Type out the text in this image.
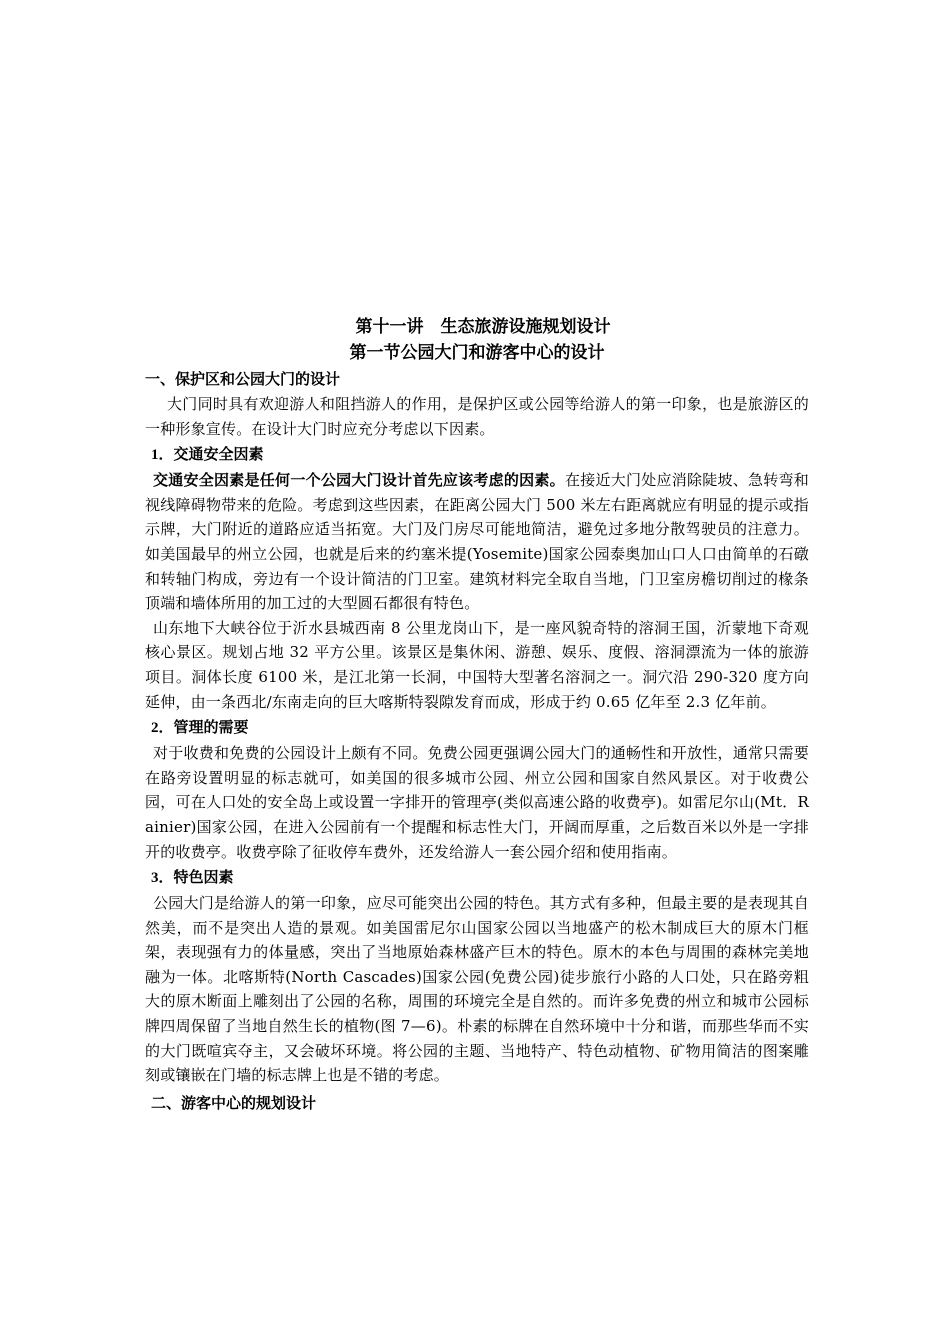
第十一讲　生态旅游设施规划设计
第一节公园大门和游客中心的设计
一、保护区和公园大门的设计

大门同时具有欢迎游人和阻挡游人的作用，是保护区或公园等给游人的第一印象，也是旅游区的一种形象宣传。在设计大门时应充分考虑以下因素。

1．交通安全因素

交通安全因素是任何一个公园大门设计首先应该考虑的因素。在接近大门处应消除陡坡、急转弯和视线障碍物带来的危险。考虑到这些因素，在距离公园大门 500 米左右距离就应有明显的提示或指示牌，大门附近的道路应适当拓宽。大门及门房尽可能地简洁，避免过多地分散驾驶员的注意力。如美国最早的州立公园，也就是后来的约塞米提(Yosemite)国家公园泰奥加山口人口由简单的石礅和转轴门构成，旁边有一个设计简洁的门卫室。建筑材料完全取自当地，门卫室房檐切削过的椽条顶端和墙体所用的加工过的大型圆石都很有特色。

山东地下大峡谷位于沂水县城西南 8 公里龙岗山下，是一座风貌奇特的溶洞王国，沂蒙地下奇观核心景区。规划占地 32 平方公里。该景区是集休闲、游憩、娱乐、度假、溶洞漂流为一体的旅游项目。洞体长度 6100 米，是江北第一长洞，中国特大型著名溶洞之一。洞穴沿 290-320 度方向延伸，由一条西北/东南走向的巨大喀斯特裂隙发育而成，形成于约 0.65 亿年至 2.3 亿年前。

2．管理的需要

对于收费和免费的公园设计上颇有不同。免费公园更强调公园大门的通畅性和开放性，通常只需要在路旁设置明显的标志就可，如美国的很多城市公园、州立公园和国家自然风景区。对于收费公园，可在人口处的安全岛上或设置一字排开的管理亭(类似高速公路的收费亭)。如雷尼尔山(Mt．Rainier)国家公园，在进入公园前有一个提醒和标志性大门，开阔而厚重，之后数百米以外是一字排开的收费亭。收费亭除了征收停车费外，还发给游人一套公园介绍和使用指南。

3．特色因素

公园大门是给游人的第一印象，应尽可能突出公园的特色。其方式有多种，但最主要的是表现其自然美，而不是突出人造的景观。如美国雷尼尔山国家公园以当地盛产的松木制成巨大的原木门框架，表现强有力的体量感，突出了当地原始森林盛产巨木的特色。原木的本色与周围的森林完美地融为一体。北喀斯特(North Cascades)国家公园(免费公园)徒步旅行小路的人口处，只在路旁粗大的原木断面上雕刻出了公园的名称，周围的环境完全是自然的。而许多免费的州立和城市公园标牌四周保留了当地自然生长的植物(图 7—6)。朴素的标牌在自然环境中十分和谐，而那些华而不实的大门既喧宾夺主，又会破坏环境。将公园的主题、当地特产、特色动植物、矿物用简洁的图案雕刻或镶嵌在门墙的标志牌上也是不错的考虑。

二、游客中心的规划设计
